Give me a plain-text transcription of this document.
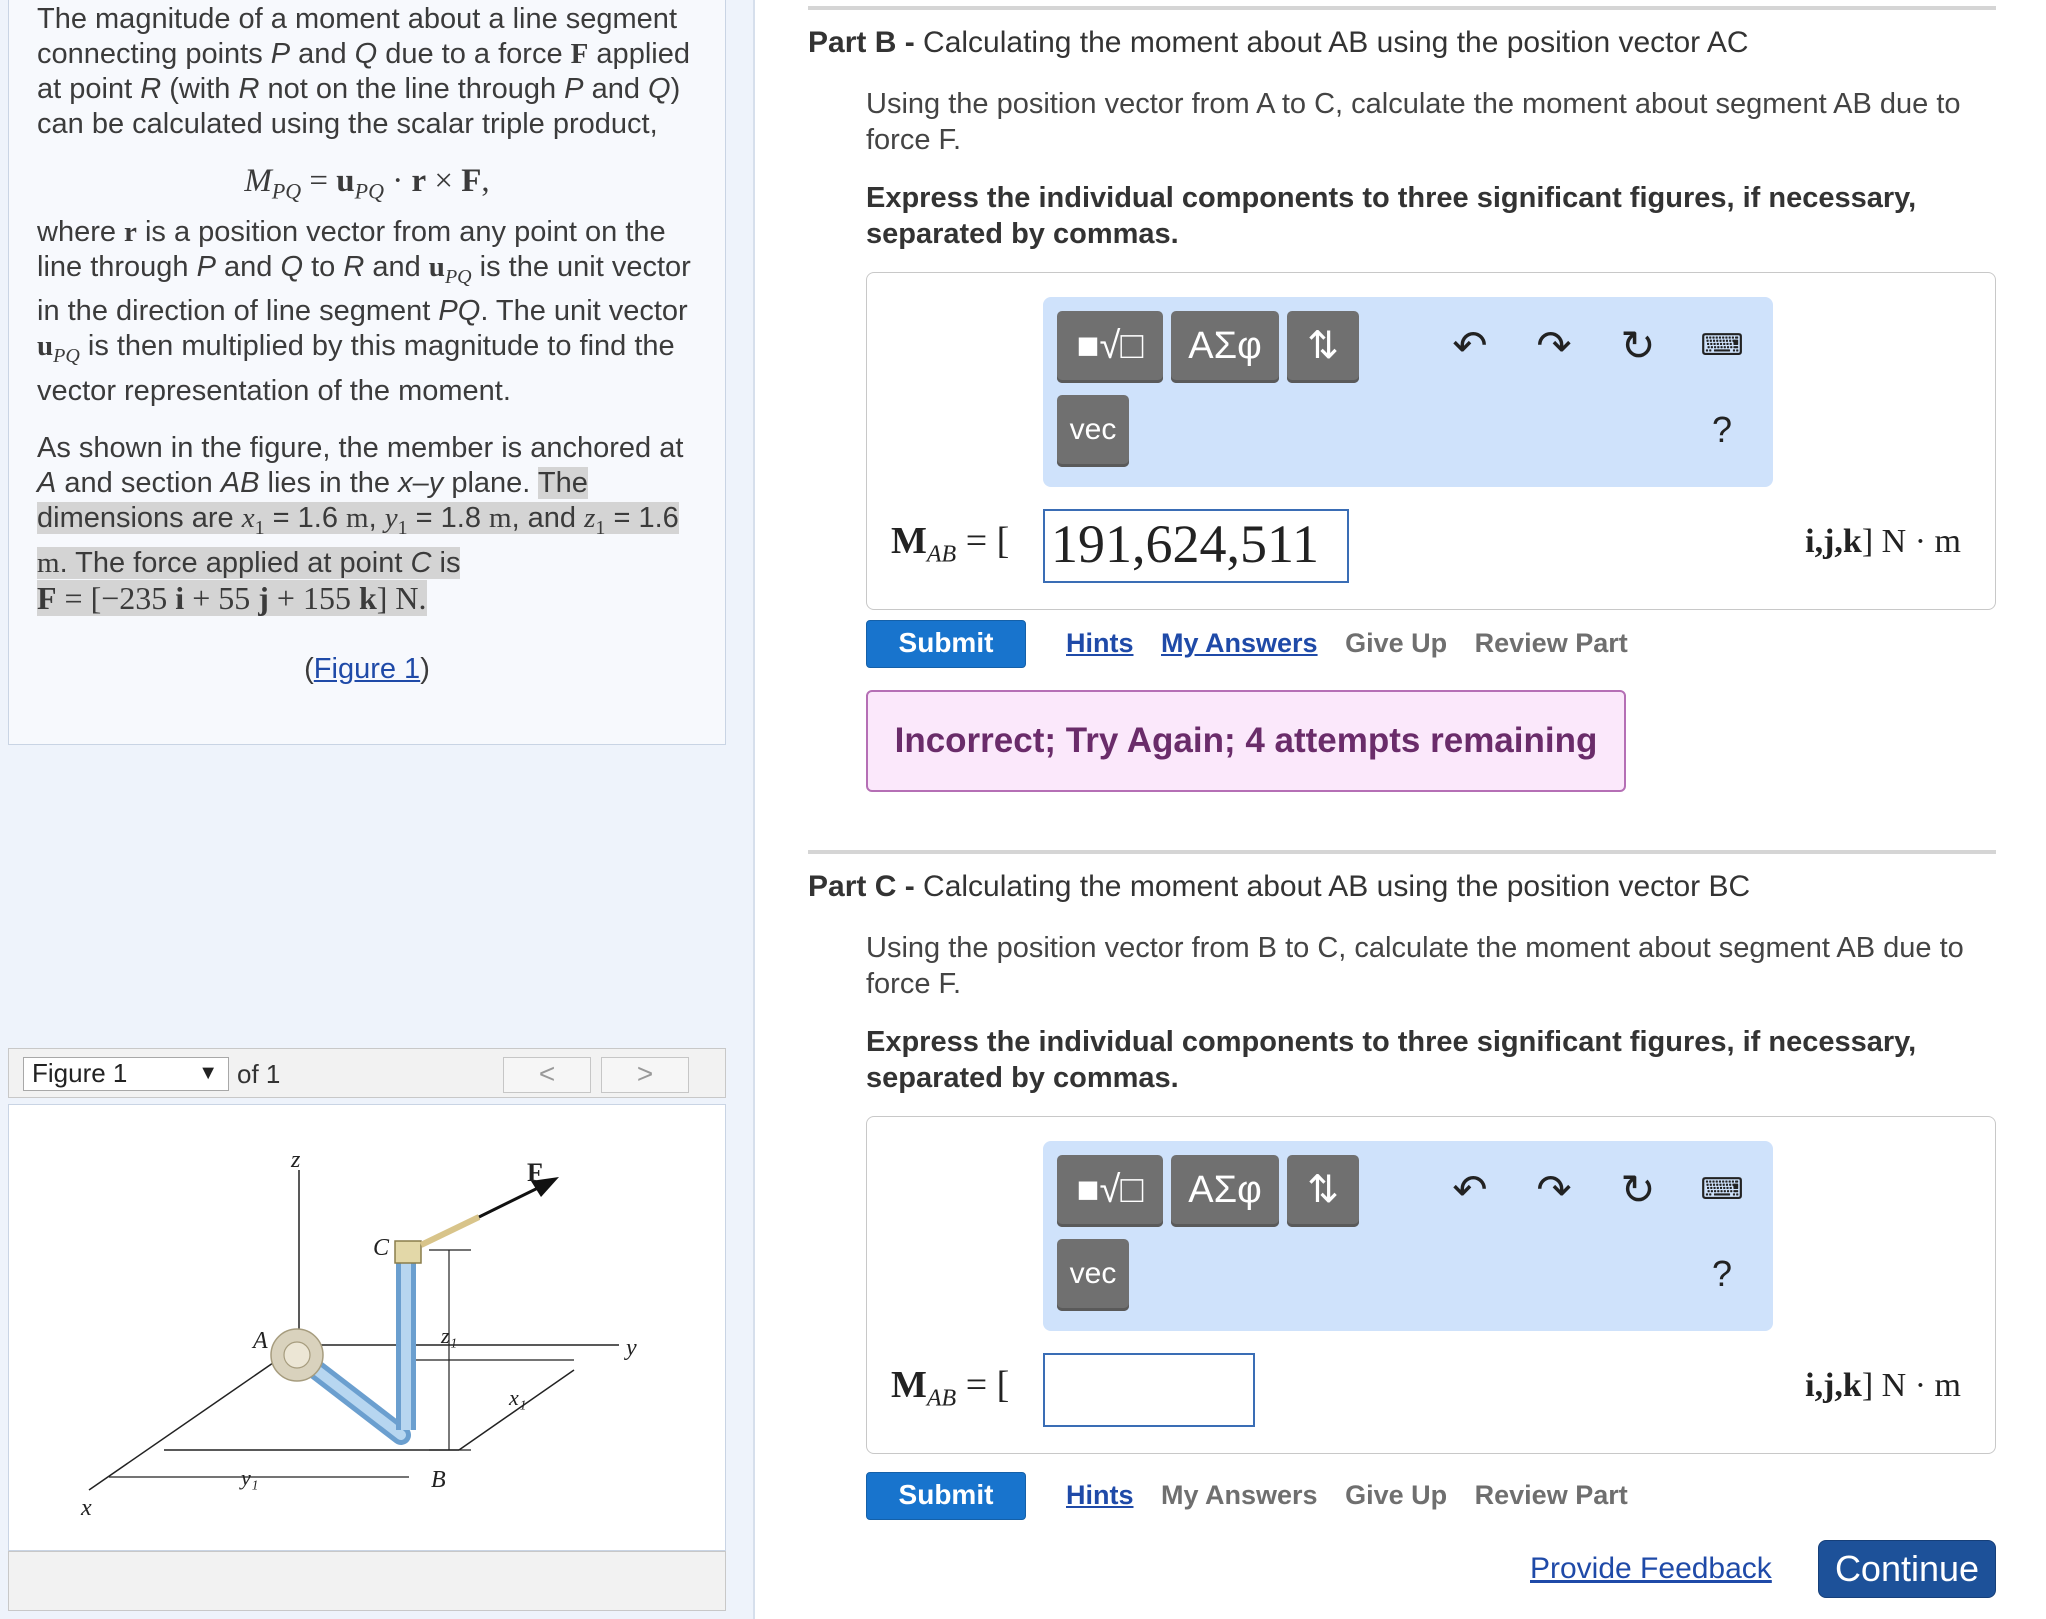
The magnitude of a moment about a line segment connecting points P and Q due to a force F applied at point R (with R not on the line through P and Q) can be calculated using the scalar triple product,

$M_{PQ} = u_{PQ} \cdot r \times F$,

where r is a position vector from any point on the line through P and Q to R and $u_{PQ}$ is the unit vector in the direction of line segment PQ. The unit vector $u_{PQ}$ is then multiplied by this magnitude to find the vector representation of the moment.

As shown in the figure, the member is anchored at A and section AB lies in the x–y plane. The dimensions are $x_1 = 1.6$ m, $y_1 = 1.8$ m, and $z_1 = 1.6$ m. The force applied at point C is
F = [−235 i + 55 j + 155 k] N.

(Figure 1)
Figure 1	▼ of 1	<	>
z
y
x
F
C
A
B
z₁
x₁
y₁
Part B - Calculating the moment about AB using the position vector AC
Using the position vector from A to C, calculate the moment about segment AB due to force F.
Express the individual components to three significant figures, if necessary, separated by commas.
■√□	ΑΣφ	⇅	↶ ↷ ↻ ⌨
vec	?
$M_{AB}$ = [ 191,624,511	i,j,k] N · m
Submit	Hints My Answers Give Up Review Part
Incorrect; Try Again; 4 attempts remaining
Part C - Calculating the moment about AB using the position vector BC
Using the position vector from B to C, calculate the moment about segment AB due to force F.
Express the individual components to three significant figures, if necessary, separated by commas.
■√□	ΑΣφ	⇅	↶ ↷ ↻ ⌨
vec	?
$M_{AB}$ = [	i,j,k] N · m
Submit	Hints My Answers Give Up Review Part
Provide Feedback	Continue
